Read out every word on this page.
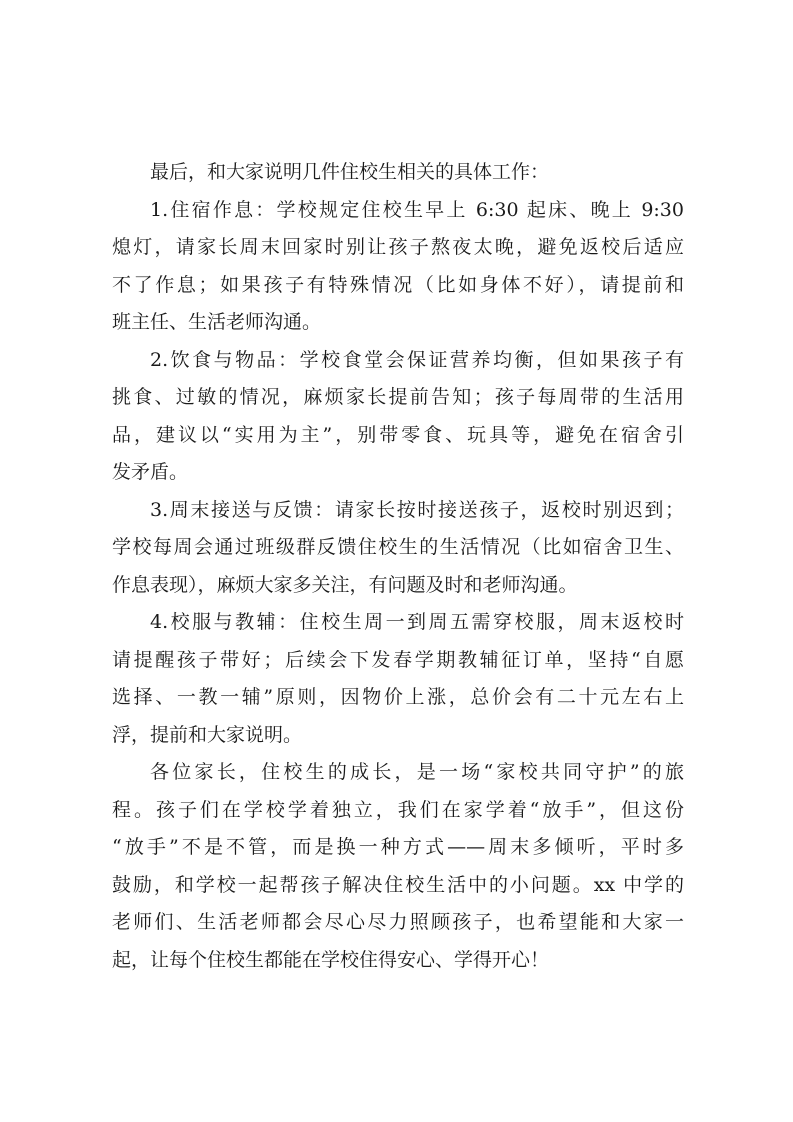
最后，和大家说明几件住校生相关的具体工作：
1.住宿作息：学校规定住校生早上 6:30 起床、晚上 9:30
熄灯，请家长周末回家时别让孩子熬夜太晚，避免返校后适应
不了作息；如果孩子有特殊情况（比如身体不好），请提前和
班主任、生活老师沟通。
2.饮食与物品：学校食堂会保证营养均衡，但如果孩子有
挑食、过敏的情况，麻烦家长提前告知；孩子每周带的生活用
品，建议以“实用为主”，别带零食、玩具等，避免在宿舍引
发矛盾。
3.周末接送与反馈：请家长按时接送孩子，返校时别迟到；
学校每周会通过班级群反馈住校生的生活情况（比如宿舍卫生、
作息表现），麻烦大家多关注，有问题及时和老师沟通。
4.校服与教辅：住校生周一到周五需穿校服，周末返校时
请提醒孩子带好；后续会下发春学期教辅征订单，坚持“自愿
选择、一教一辅”原则，因物价上涨，总价会有二十元左右上
浮，提前和大家说明。
各位家长，住校生的成长，是一场“家校共同守护”的旅
程。孩子们在学校学着独立，我们在家学着“放手”，但这份
“放手”不是不管，而是换一种方式——周末多倾听，平时多
鼓励，和学校一起帮孩子解决住校生活中的小问题。xx 中学的
老师们、生活老师都会尽心尽力照顾孩子，也希望能和大家一
起，让每个住校生都能在学校住得安心、学得开心！
